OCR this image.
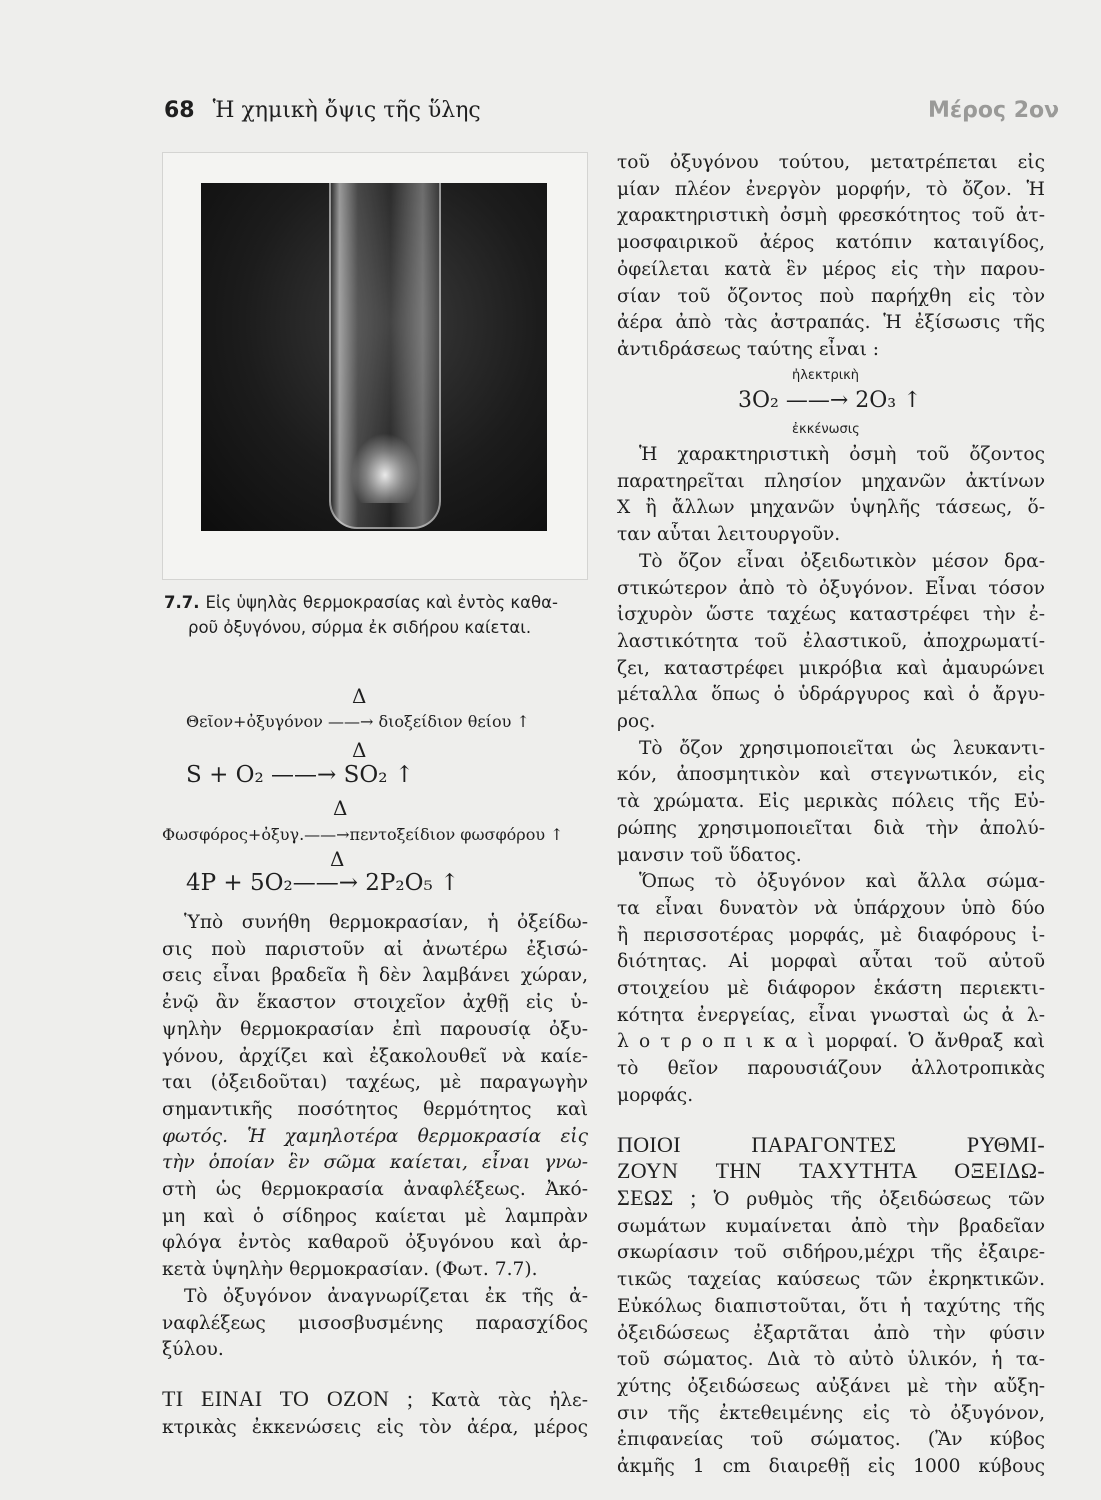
68 Ἡ χημικὴ ὄψις τῆς ὕλης	Μέρος 2ον
7.7. Εἰς ὑψηλὰς θερμοκρασίας καὶ ἐντὸς καθα-
ροῦ ὀξυγόνου, σύρμα ἐκ σιδήρου καίεται.
Δ
Θεῖον+ὀξυγόνον ——→ διοξείδιον θείου ↑
Δ
S + O₂ ——→ SO₂ ↑
Δ
Φωσφόρος+ὀξυγ.——→πεντοξείδιον φωσφόρου ↑
Δ
4P + 5O₂——→ 2P₂O₅ ↑
Ὑπὸ συνήθη θερμοκρασίαν, ἡ ὀξείδω-
σις ποὺ παριστοῦν αἱ ἀνωτέρω ἐξισώ-
σεις εἶναι βραδεῖα ἢ δὲν λαμβάνει χώραν,
ἐνῷ ἂν ἕκαστον στοιχεῖον ἀχθῇ εἰς ὑ-
ψηλὴν θερμοκρασίαν ἐπὶ παρουσίᾳ ὀξυ-
γόνου, ἀρχίζει καὶ ἐξακολουθεῖ νὰ καίε-
ται (ὀξειδοῦται) ταχέως, μὲ παραγωγὴν
σημαντικῆς ποσότητος θερμότητος καὶ
φωτός. Ἡ χαμηλοτέρα θερμοκρασία εἰς
τὴν ὁποίαν ἓν σῶμα καίεται, εἶναι γνω-
στὴ ὡς θερμοκρασία ἀναφλέξεως. Ἀκό-
μη καὶ ὁ σίδηρος καίεται μὲ λαμπρὰν
φλόγα ἐντὸς καθαροῦ ὀξυγόνου καὶ ἀρ-
κετὰ ὑψηλὴν θερμοκρασίαν. (Φωτ. 7.7).
Τὸ ὀξυγόνον ἀναγνωρίζεται ἐκ τῆς ἀ-
ναφλέξεως μισοσβυσμένης παρασχίδος
ξύλου.
ΤΙ ΕΙΝΑΙ ΤΟ ΟΖΟΝ ; Κατὰ τὰς ἠλε-
κτρικὰς ἐκκενώσεις εἰς τὸν ἀέρα, μέρος
τοῦ ὀξυγόνου τούτου, μετατρέπεται εἰς
μίαν πλέον ἐνεργὸν μορφήν, τὸ ὄζον. Ἡ
χαρακτηριστικὴ ὀσμὴ φρεσκότητος τοῦ ἀτ-
μοσφαιρικοῦ ἀέρος κατόπιν καταιγίδος,
ὀφείλεται κατὰ ἓν μέρος εἰς τὴν παρου-
σίαν τοῦ ὄζοντος ποὺ παρήχθη εἰς τὸν
ἀέρα ἀπὸ τὰς ἀστραπάς. Ἡ ἐξίσωσις τῆς
ἀντιδράσεως ταύτης εἶναι :
ἠλεκτρικὴ
3O₂ ——→ 2O₃ ↑
ἐκκένωσις
Ἡ χαρακτηριστικὴ ὀσμὴ τοῦ ὄζοντος
παρατηρεῖται πλησίον μηχανῶν ἀκτίνων
Χ ἢ ἄλλων μηχανῶν ὑψηλῆς τάσεως, ὅ-
ταν αὗται λειτουργοῦν.
Τὸ ὄζον εἶναι ὀξειδωτικὸν μέσον δρα-
στικώτερον ἀπὸ τὸ ὀξυγόνον. Εἶναι τόσον
ἰσχυρὸν ὥστε ταχέως καταστρέφει τὴν ἐ-
λαστικότητα τοῦ ἐλαστικοῦ, ἀποχρωματί-
ζει, καταστρέφει μικρόβια καὶ ἀμαυρώνει
μέταλλα ὅπως ὁ ὑδράργυρος καὶ ὁ ἄργυ-
ρος.
Τὸ ὄζον χρησιμοποιεῖται ὡς λευκαντι-
κόν, ἀποσμητικὸν καὶ στεγνωτικόν, εἰς
τὰ χρώματα. Εἰς μερικὰς πόλεις τῆς Εὐ-
ρώπης χρησιμοποιεῖται διὰ τὴν ἀπολύ-
μανσιν τοῦ ὕδατος.
Ὅπως τὸ ὀξυγόνον καὶ ἄλλα σώμα-
τα εἶναι δυνατὸν νὰ ὑπάρχουν ὑπὸ δύο
ἢ περισσοτέρας μορφάς, μὲ διαφόρους ἰ-
διότητας. Αἱ μορφαὶ αὗται τοῦ αὐτοῦ
στοιχείου μὲ διάφορον ἑκάστη περιεκτι-
κότητα ἐνεργείας, εἶναι γνωσταὶ ὡς ἀ λ-
λ ο τ ρ ο π ι κ α ὶ μορφαί. Ὁ ἄνθραξ καὶ
τὸ θεῖον παρουσιάζουν ἀλλοτροπικὰς
μορφάς.
ΠΟΙΟΙ ΠΑΡΑΓΟΝΤΕΣ ΡΥΘΜΙ-
ΖΟΥΝ ΤΗΝ ΤΑΧΥΤΗΤΑ ΟΞΕΙΔΩ-
ΣΕΩΣ ; Ὁ ρυθμὸς τῆς ὀξειδώσεως τῶν
σωμάτων κυμαίνεται ἀπὸ τὴν βραδεῖαν
σκωρίασιν τοῦ σιδήρου,μέχρι τῆς ἐξαιρε-
τικῶς ταχείας καύσεως τῶν ἐκρηκτικῶν.
Εὐκόλως διαπιστοῦται, ὅτι ἡ ταχύτης τῆς
ὀξειδώσεως ἐξαρτᾶται ἀπὸ τὴν φύσιν
τοῦ σώματος. Διὰ τὸ αὐτὸ ὑλικόν, ἡ τα-
χύτης ὀξειδώσεως αὐξάνει μὲ τὴν αὔξη-
σιν τῆς ἐκτεθειμένης εἰς τὸ ὀξυγόνον,
ἐπιφανείας τοῦ σώματος. (Ἂν κύβος
ἀκμῆς 1 cm διαιρεθῇ εἰς 1000 κύβους
